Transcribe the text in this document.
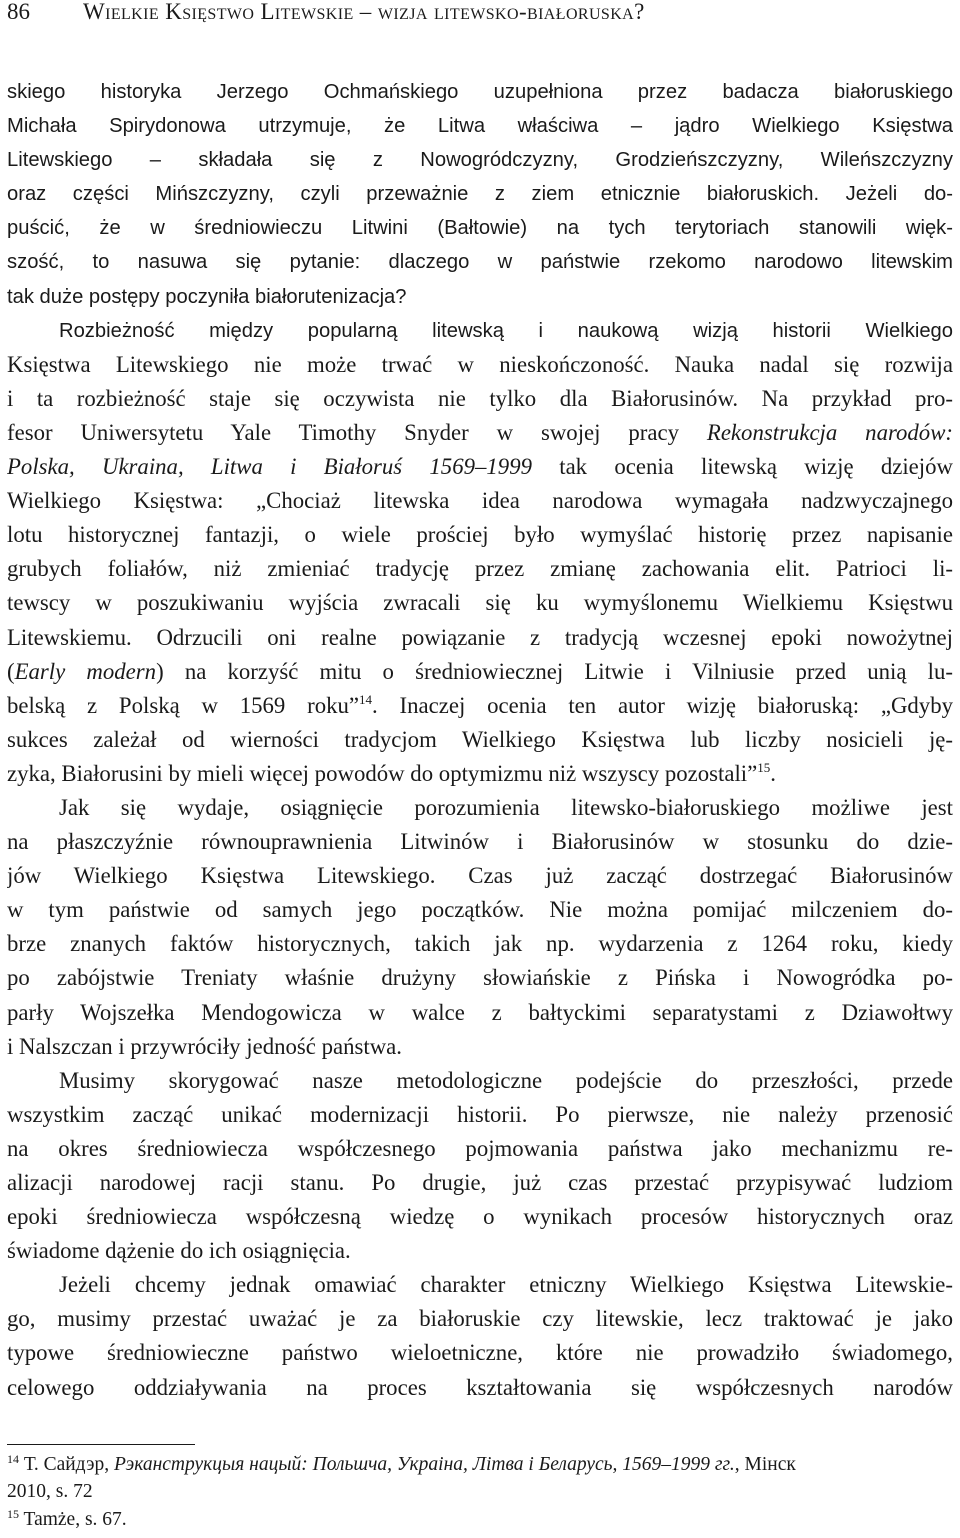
86 Wielkie Księstwo Litewskie – wizja litewsko-białoruska?
skiego historyka Jerzego Ochmańskiego uzupełniona przez badacza białoruskiego
Michała Spirydonowa utrzymuje, że Litwa właściwa – jądro Wielkiego Księstwa
Litewskiego – składała się z Nowogródczyzny, Grodzieńszczyzny, Wileńszczyzny
oraz części Mińszczyzny, czyli przeważnie z ziem etnicznie białoruskich. Jeżeli do-
puścić, że w średniowieczu Litwini (Bałtowie) na tych terytoriach stanowili więk-
szość, to nasuwa się pytanie: dlaczego w państwie rzekomo narodowo litewskim
tak duże postępy poczyniła białorutenizacja?
Rozbieżność między popularną litewską i naukową wizją historii Wielkiego
Księstwa Litewskiego nie może trwać w nieskończoność. Nauka nadal się rozwija
i ta rozbieżność staje się oczywista nie tylko dla Białorusinów. Na przykład pro-
fesor Uniwersytetu Yale Timothy Snyder w swojej pracy Rekonstrukcja narodów:
Polska, Ukraina, Litwa i Białoruś 1569–1999 tak ocenia litewską wizję dziejów
Wielkiego Księstwa: „Chociaż litewska idea narodowa wymagała nadzwyczajnego
lotu historycznej fantazji, o wiele prościej było wymyślać historię przez napisanie
grubych foliałów, niż zmieniać tradycję przez zmianę zachowania elit. Patrioci li-
tewscy w poszukiwaniu wyjścia zwracali się ku wymyślonemu Wielkiemu Księstwu
Litewskiemu. Odrzucili oni realne powiązanie z tradycją wczesnej epoki nowożytnej
(Early modern) na korzyść mitu o średniowiecznej Litwie i Vilniusie przed unią lu-
belską z Polską w 1569 roku”$^{14}$. Inaczej ocenia ten autor wizję białoruską: „Gdyby
sukces zależał od wierności tradycjom Wielkiego Księstwa lub liczby nosicieli ję-
zyka, Białorusini by mieli więcej powodów do optymizmu niż wszyscy pozostali”$^{15}$.
Jak się wydaje, osiągnięcie porozumienia litewsko-białoruskiego możliwe jest
na płaszczyźnie równouprawnienia Litwinów i Białorusinów w stosunku do dzie-
jów Wielkiego Księstwa Litewskiego. Czas już zacząć dostrzegać Białorusinów
w tym państwie od samych jego początków. Nie można pomijać milczeniem do-
brze znanych faktów historycznych, takich jak np. wydarzenia z 1264 roku, kiedy
po zabójstwie Treniaty właśnie drużyny słowiańskie z Pińska i Nowogródka po-
parły Wojszełka Mendogowicza w walce z bałtyckimi separatystami z Dziawołtwy
i Nalszczan i przywróciły jedność państwa.
Musimy skorygować nasze metodologiczne podejście do przeszłości, przede
wszystkim zacząć unikać modernizacji historii. Po pierwsze, nie należy przenosić
na okres średniowiecza współczesnego pojmowania państwa jako mechanizmu re-
alizacji narodowej racji stanu. Po drugie, już czas przestać przypisywać ludziom
epoki średniowiecza współczesną wiedzę o wynikach procesów historycznych oraz
świadome dążenie do ich osiągnięcia.
Jeżeli chcemy jednak omawiać charakter etniczny Wielkiego Księstwa Litewskie-
go, musimy przestać uważać je za białoruskie czy litewskie, lecz traktować je jako
typowe średniowieczne państwo wieloetniczne, które nie prowadziło świadomego,
celowego oddziaływania na proces kształtowania się współczesnych narodów
$^{14}$ Т. Сайдэр, Рэканструкцыя нацый: Польшча, Украіна, Літва і Беларусь, 1569–1999 гг., Мінск
2010, s. 72
$^{15}$ Tamże, s. 67.
